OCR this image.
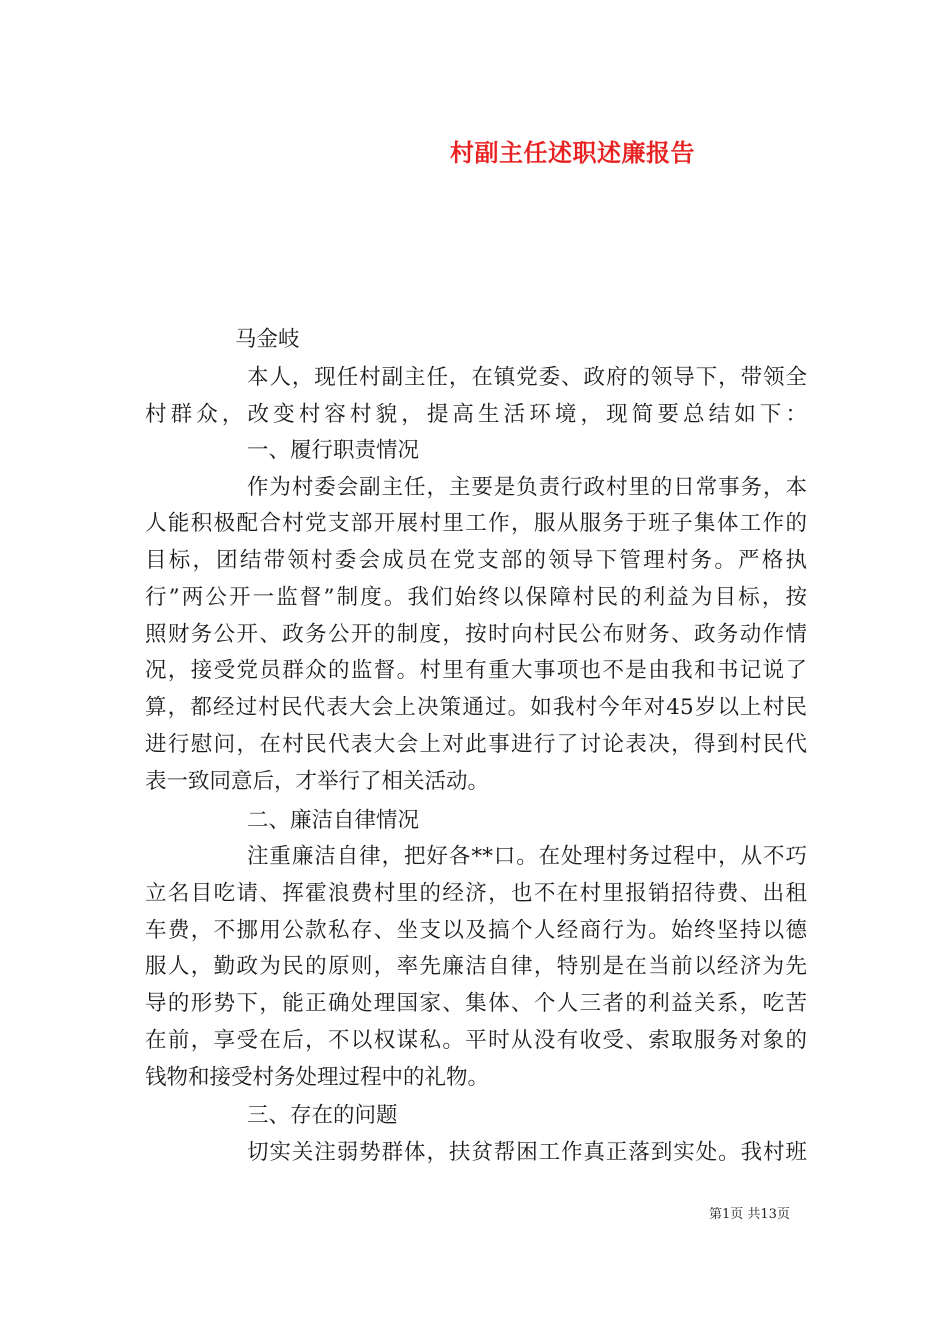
村副主任述职述廉报告
马金岐
本人，现任村副主任，在镇党委、政府的领导下，带领全
村群众，改变村容村貌，提高生活环境，现简要总结如下：
一、履行职责情况
作为村委会副主任，主要是负责行政村里的日常事务，本
人能积极配合村党支部开展村里工作，服从服务于班子集体工作的
目标，团结带领村委会成员在党支部的领导下管理村务。严格执
行”两公开一监督”制度。我们始终以保障村民的利益为目标，按
照财务公开、政务公开的制度，按时向村民公布财务、政务动作情
况，接受党员群众的监督。村里有重大事项也不是由我和书记说了
算，都经过村民代表大会上决策通过。如我村今年对45岁以上村民
进行慰问，在村民代表大会上对此事进行了讨论表决，得到村民代
表一致同意后，才举行了相关活动。
二、廉洁自律情况
注重廉洁自律，把好各**口。在处理村务过程中，从不巧
立名目吃请、挥霍浪费村里的经济，也不在村里报销招待费、出租
车费，不挪用公款私存、坐支以及搞个人经商行为。始终坚持以德
服人，勤政为民的原则，率先廉洁自律，特别是在当前以经济为先
导的形势下，能正确处理国家、集体、个人三者的利益关系，吃苦
在前，享受在后，不以权谋私。平时从没有收受、索取服务对象的
钱物和接受村务处理过程中的礼物。
三、存在的问题
切实关注弱势群体，扶贫帮困工作真正落到实处。我村班
第1页 共13页
